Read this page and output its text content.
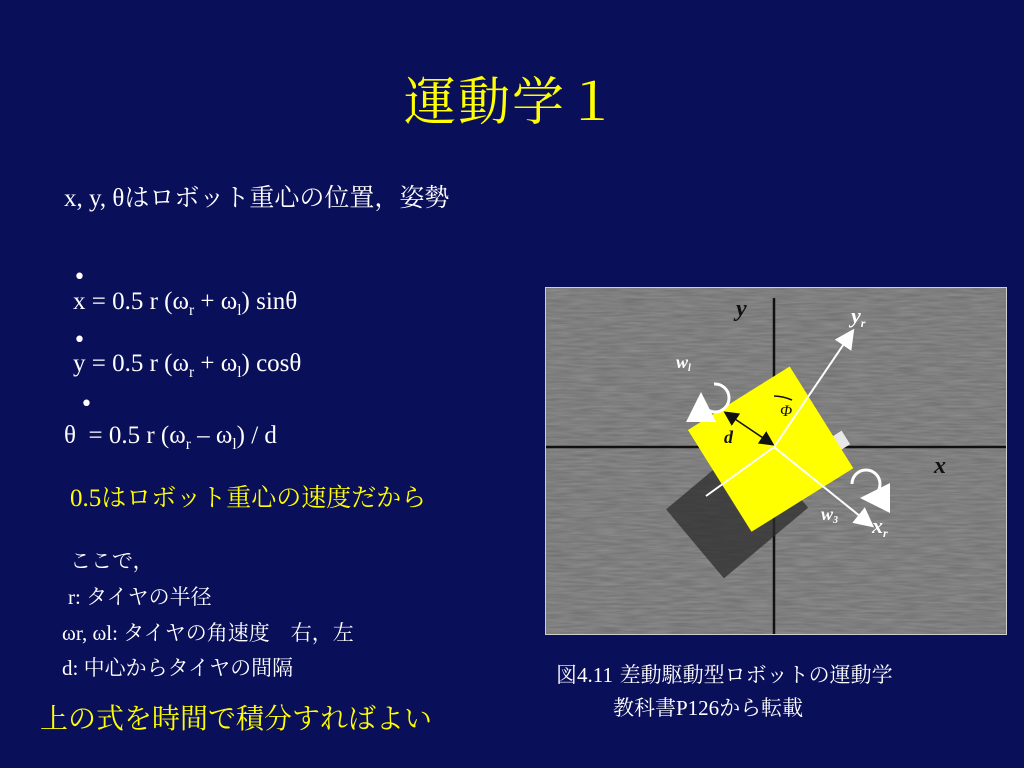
運動学１
x, y, θはロボット重心の位置，姿勢
•
x = 0.5 r $(\omega_r + \omega_l)$ sinθ
•
y = 0.5 r $(\omega_r + \omega_l)$ cosθ
•
θ  = 0.5 r $(\omega_r - \omega_l)$ / d
0.5はロボット重心の速度だから
ここで，
r: タイヤの半径
ωr, ωl: タイヤの角速度　右，左
d: 中心からタイヤの間隔
上の式を時間で積分すればよい
図4.11 差動駆動型ロボットの運動学
教科書P126から転載
y
x
yr
xr
wl
w3
d
Φ
